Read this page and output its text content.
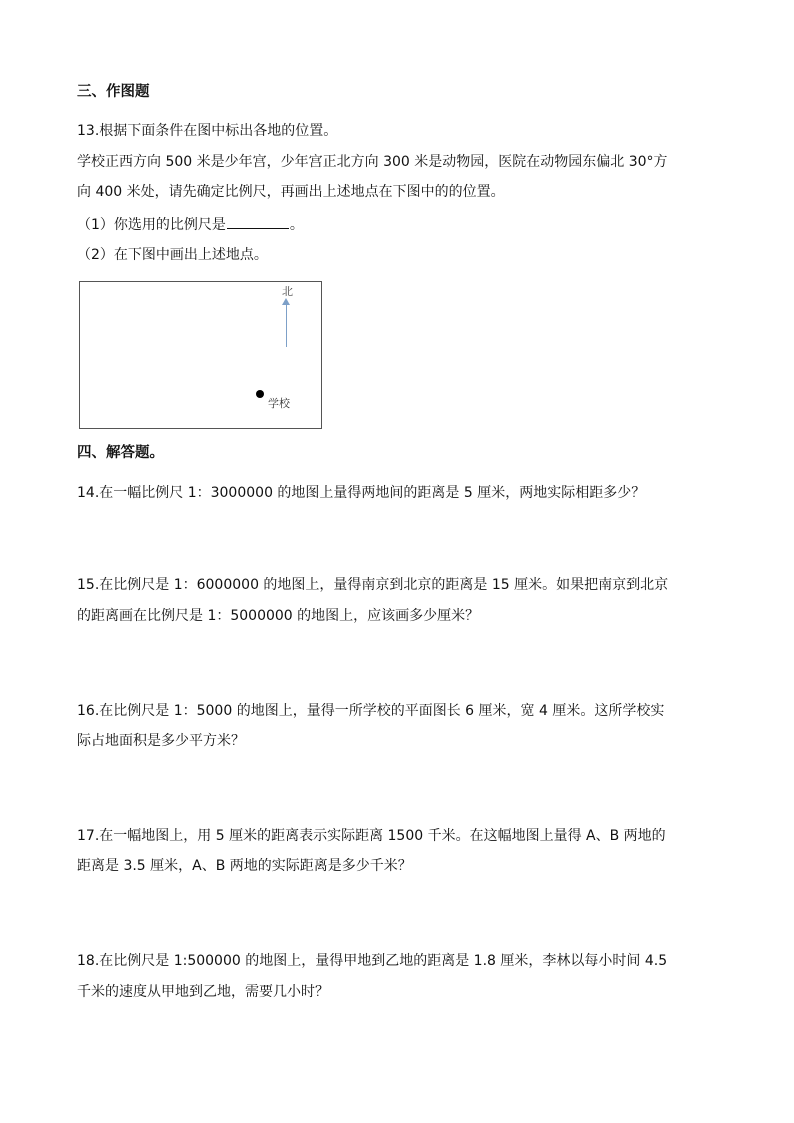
三、作图题
13.根据下面条件在图中标出各地的位置。
学校正西方向 500 米是少年宫，少年宫正北方向 300 米是动物园，医院在动物园东偏北 30°方
向 400 米处，请先确定比例尺，再画出上述地点在下图中的的位置。
（1）你选用的比例尺是	。
（2）在下图中画出上述地点。
北
学校
四、解答题。
14.在一幅比例尺 1：3000000 的地图上量得两地间的距离是 5 厘米，两地实际相距多少？
15.在比例尺是 1：6000000 的地图上，量得南京到北京的距离是 15 厘米。如果把南京到北京
的距离画在比例尺是 1：5000000 的地图上，应该画多少厘米？
16.在比例尺是 1：5000 的地图上，量得一所学校的平面图长 6 厘米，宽 4 厘米。这所学校实
际占地面积是多少平方米？
17.在一幅地图上，用 5 厘米的距离表示实际距离 1500 千米。在这幅地图上量得 A、B 两地的
距离是 3.5 厘米，A、B 两地的实际距离是多少千米？
18.在比例尺是 1:500000 的地图上，量得甲地到乙地的距离是 1.8 厘米，李林以每小时间 4.5
千米的速度从甲地到乙地，需要几小时？
